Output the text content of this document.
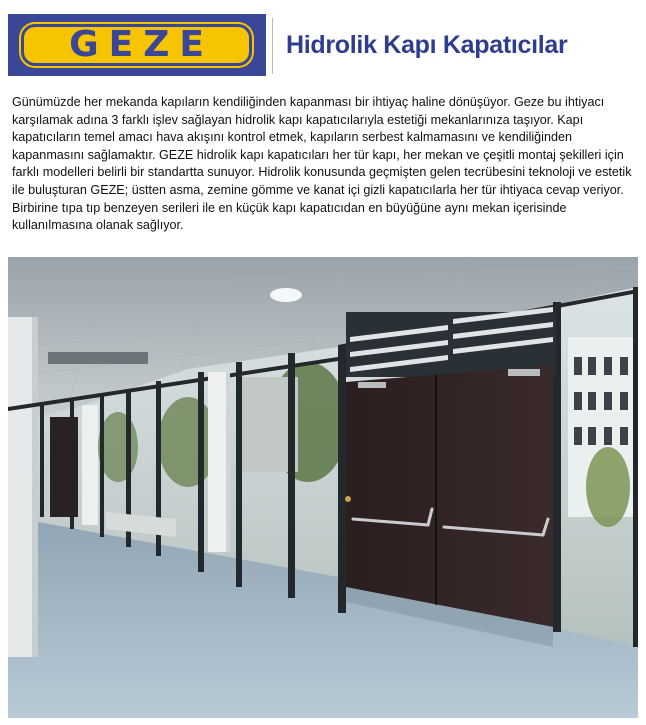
GEZE	Hidrolik Kapı Kapatıcılar

Günümüzde her mekanda kapıların kendiliğinden kapanması bir ihtiyaç haline dönüşüyor. Geze bu ihtiyacı karşılamak adına 3 farklı işlev sağlayan hidrolik kapı kapatıcılarıyla estetiği mekanlarınıza taşıyor. Kapı kapatıcıların temel amacı hava akışını kontrol etmek, kapıların serbest kalmamasını ve kendiliğinden kapanmasını sağlamaktır. GEZE hidrolik kapı kapatıcıları her tür kapı, her mekan ve çeşitli montaj şekilleri için farklı modelleri belirli bir standartta sunuyor. Hidrolik konusunda geçmişten gelen tecrübesini teknoloji ve estetik ile buluşturan GEZE; üstten asma, zemine gömme ve kanat içi gizli kapatıcılarla her tür ihtiyaca cevap veriyor. Birbirine tıpa tıp benzeyen serileri ile en küçük kapı kapatıcıdan en büyüğüne aynı mekan içerisinde kullanılmasına olanak sağlıyor.
